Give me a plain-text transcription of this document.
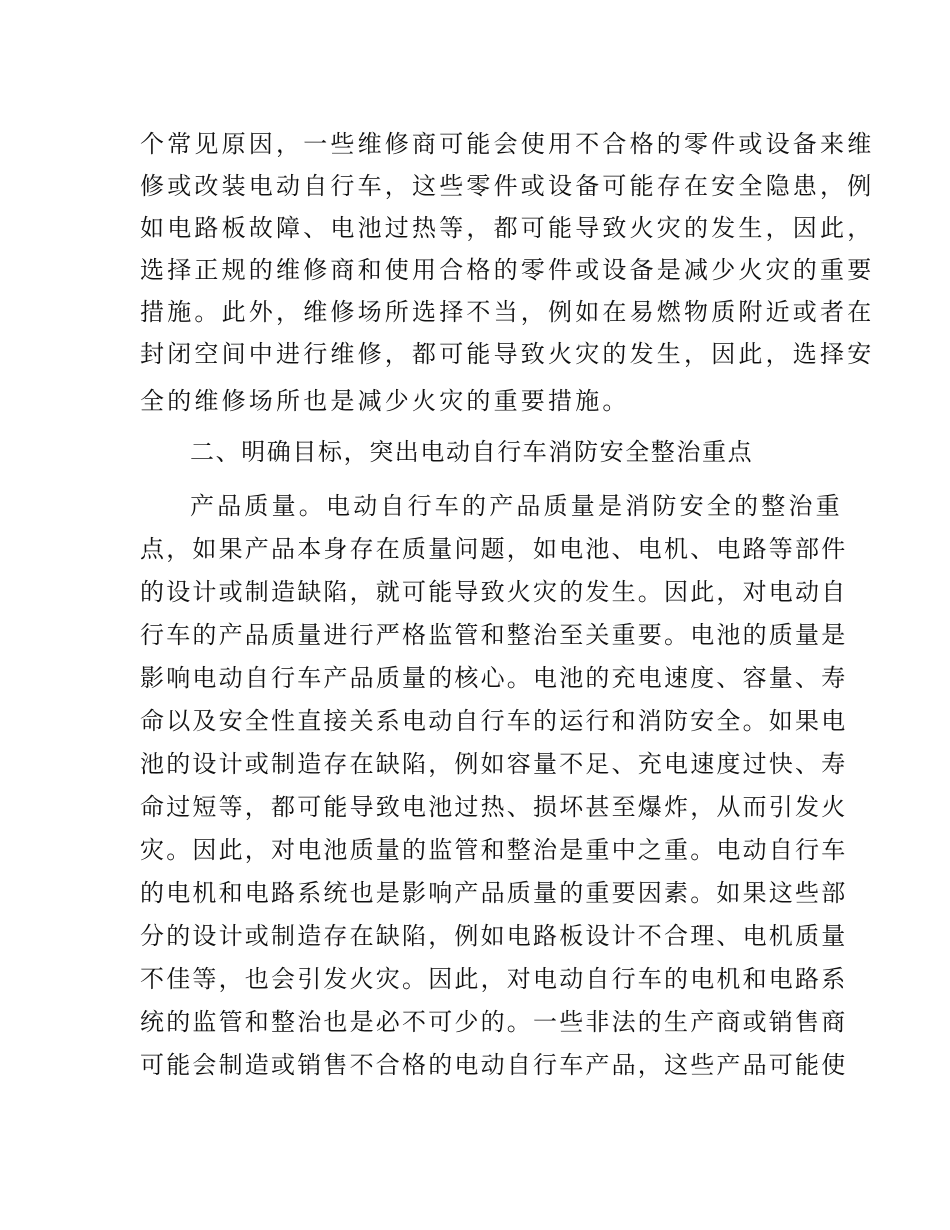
个常见原因，一些维修商可能会使用不合格的零件或设备来维
修或改装电动自行车，这些零件或设备可能存在安全隐患，例
如电路板故障、电池过热等，都可能导致火灾的发生，因此，
选择正规的维修商和使用合格的零件或设备是减少火灾的重要
措施。此外，维修场所选择不当，例如在易燃物质附近或者在
封闭空间中进行维修，都可能导致火灾的发生，因此，选择安
全的维修场所也是减少火灾的重要措施。
二、明确目标，突出电动自行车消防安全整治重点
产品质量。电动自行车的产品质量是消防安全的整治重
点，如果产品本身存在质量问题，如电池、电机、电路等部件
的设计或制造缺陷，就可能导致火灾的发生。因此，对电动自
行车的产品质量进行严格监管和整治至关重要。电池的质量是
影响电动自行车产品质量的核心。电池的充电速度、容量、寿
命以及安全性直接关系电动自行车的运行和消防安全。如果电
池的设计或制造存在缺陷，例如容量不足、充电速度过快、寿
命过短等，都可能导致电池过热、损坏甚至爆炸，从而引发火
灾。因此，对电池质量的监管和整治是重中之重。电动自行车
的电机和电路系统也是影响产品质量的重要因素。如果这些部
分的设计或制造存在缺陷，例如电路板设计不合理、电机质量
不佳等，也会引发火灾。因此，对电动自行车的电机和电路系
统的监管和整治也是必不可少的。一些非法的生产商或销售商
可能会制造或销售不合格的电动自行车产品，这些产品可能使
